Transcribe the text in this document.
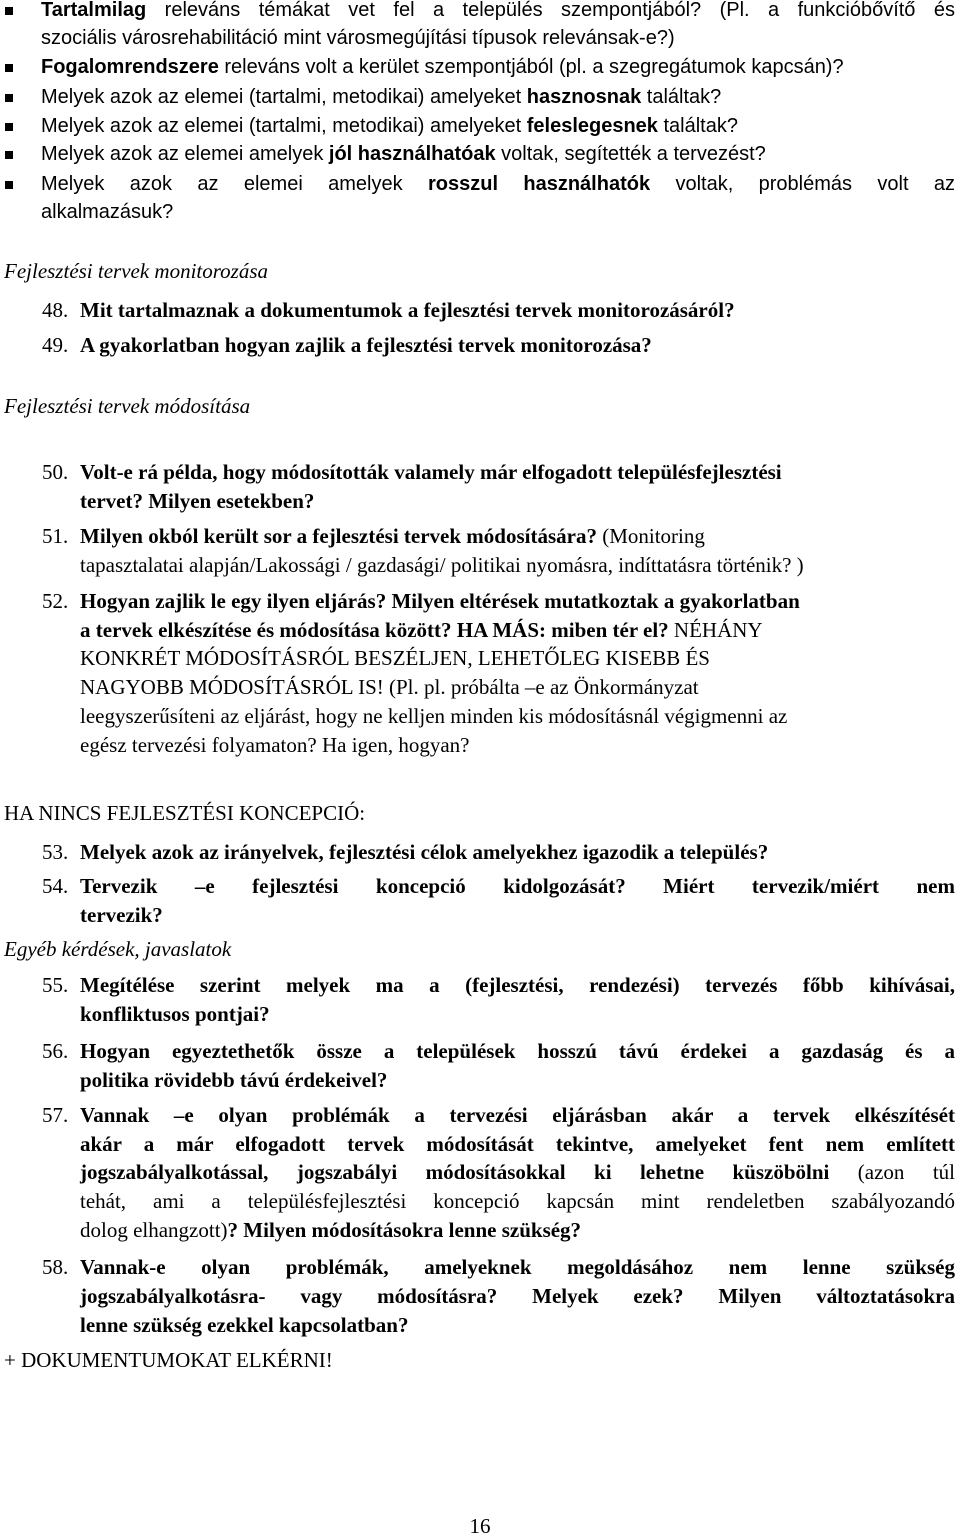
Tartalmilag releváns témákat vet fel a település szempontjából? (Pl. a funkcióbővítő és
szociális városrehabilitáció mint városmegújítási típusok relevánsak-e?)
Fogalomrendszere releváns volt a kerület szempontjából (pl. a szegregátumok kapcsán)?
Melyek azok az elemei (tartalmi, metodikai) amelyeket hasznosnak találtak?
Melyek azok az elemei (tartalmi, metodikai) amelyeket feleslegesnek találtak?
Melyek azok az elemei amelyek jól használhatóak voltak, segítették a tervezést?
Melyek azok az elemei amelyek rosszul használhatók voltak, problémás volt az
alkalmazásuk?
Fejlesztési tervek monitorozása
48. Mit tartalmaznak a dokumentumok a fejlesztési tervek monitorozásáról?
49. A gyakorlatban hogyan zajlik a fejlesztési tervek monitorozása?
Fejlesztési tervek módosítása
50. Volt-e rá példa, hogy módosították valamely már elfogadott településfejlesztési
tervet? Milyen esetekben?
51. Milyen okból került sor a fejlesztési tervek módosítására? (Monitoring
tapasztalatai alapján/Lakossági / gazdasági/ politikai nyomásra, indíttatásra történik? )
52. Hogyan zajlik le egy ilyen eljárás? Milyen eltérések mutatkoztak a gyakorlatban
a tervek elkészítése és módosítása között? HA MÁS: miben tér el? NÉHÁNY
KONKRÉT MÓDOSÍTÁSRÓL BESZÉLJEN, LEHETŐLEG KISEBB ÉS
NAGYOBB MÓDOSÍTÁSRÓL IS! (Pl. pl. próbálta –e az Önkormányzat
leegyszerűsíteni az eljárást, hogy ne kelljen minden kis módosításnál végigmenni az
egész tervezési folyamaton? Ha igen, hogyan?
HA NINCS FEJLESZTÉSI KONCEPCIÓ:
53. Melyek azok az irányelvek, fejlesztési célok amelyekhez igazodik a település?
54. Tervezik –e fejlesztési koncepció kidolgozását? Miért tervezik/miért nem
tervezik?
Egyéb kérdések, javaslatok
55. Megítélése szerint melyek ma a (fejlesztési, rendezési) tervezés főbb kihívásai,
konfliktusos pontjai?
56. Hogyan egyeztethetők össze a települések hosszú távú érdekei a gazdaság és a
politika rövidebb távú érdekeivel?
57. Vannak –e olyan problémák a tervezési eljárásban akár a tervek elkészítését
akár a már elfogadott tervek módosítását tekintve, amelyeket fent nem említett
jogszabályalkotással, jogszabályi módosításokkal ki lehetne küszöbölni (azon túl
tehát, ami a településfejlesztési koncepció kapcsán mint rendeletben szabályozandó
dolog elhangzott)? Milyen módosításokra lenne szükség?
58. Vannak-e olyan problémák, amelyeknek megoldásához nem lenne szükség
jogszabályalkotásra- vagy módosításra? Melyek ezek? Milyen változtatásokra
lenne szükség ezekkel kapcsolatban?
+ DOKUMENTUMOKAT ELKÉRNI!
16
